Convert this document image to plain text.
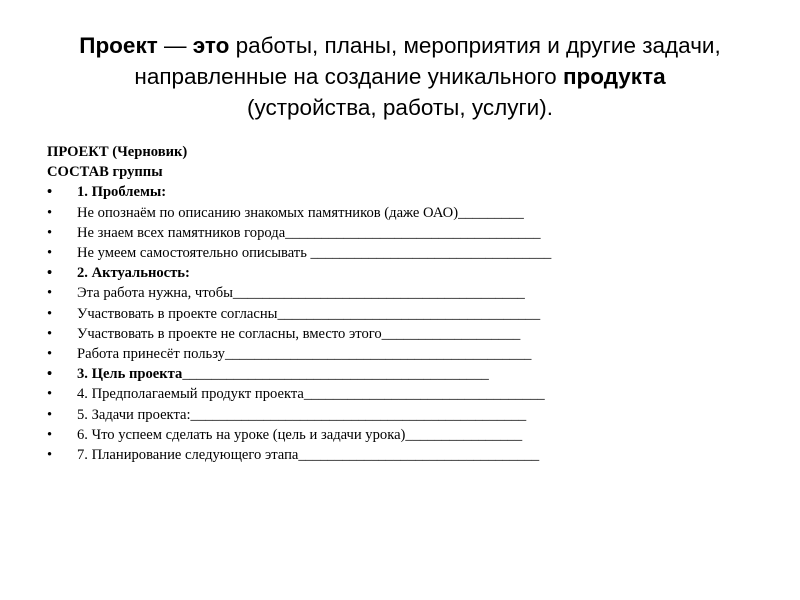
Проект — это работы, планы, мероприятия и другие задачи,
направленные на создание уникального продукта
(устройства, работы, услуги).
ПРОЕКТ (Черновик)
СОСТАВ группы
• 1. Проблемы:
• Не опознаём по описанию знакомых памятников (даже ОАО)_________
• Не знаем всех памятников города___________________________________
• Не умеем самостоятельно описывать _________________________________
• 2. Актуальность:
• Эта работа нужна, чтобы________________________________________
• Участвовать в проекте согласны____________________________________
• Участвовать в проекте не согласны, вместо этого___________________
• Работа принесёт пользу__________________________________________
• 3. Цель проекта__________________________________________
• 4. Предполагаемый продукт проекта_________________________________
• 5. Задачи проекта:______________________________________________
• 6. Что успеем сделать на уроке (цель и задачи урока)________________
• 7. Планирование следующего этапа_________________________________
